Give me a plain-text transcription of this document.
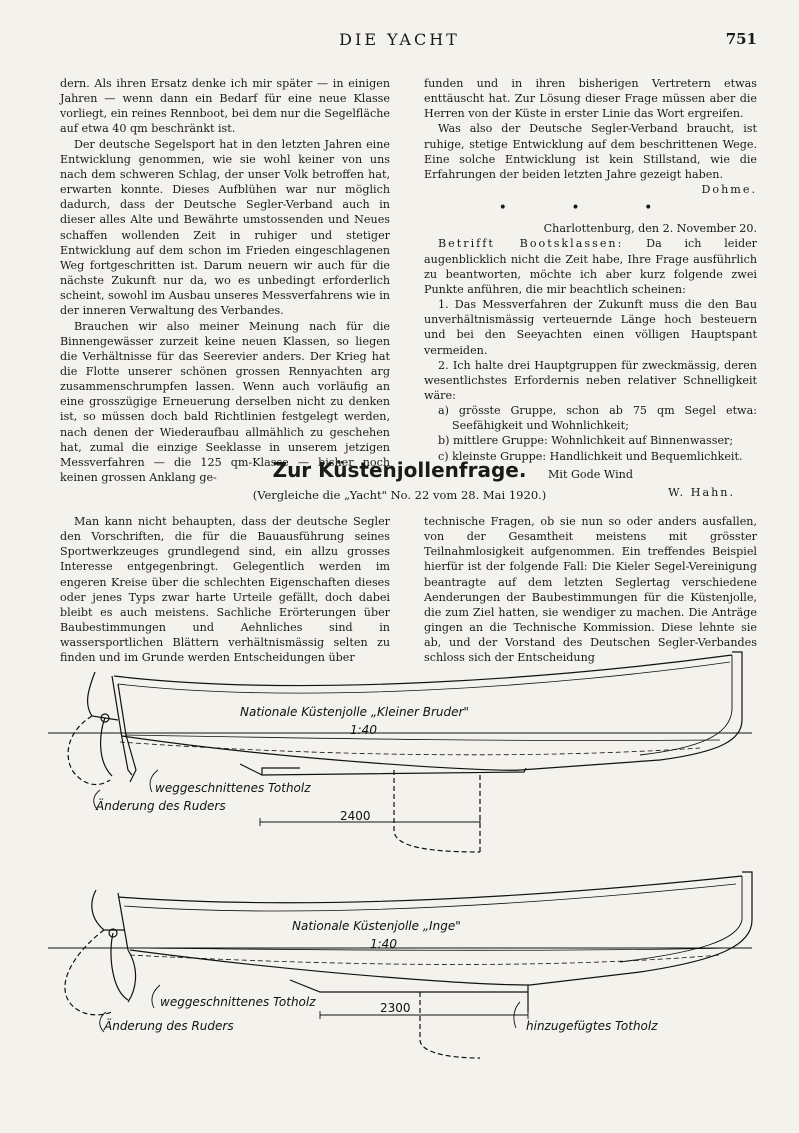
DIE YACHT	751

dern. Als ihren Ersatz denke ich mir später — in einigen Jahren — wenn dann ein Bedarf für eine neue Klasse vorliegt, ein reines Rennboot, bei dem nur die Segelfläche auf etwa 40 qm beschränkt ist.

Der deutsche Segelsport hat in den letzten Jahren eine Entwicklung genommen, wie sie wohl keiner von uns nach dem schweren Schlag, der unser Volk betroffen hat, erwarten konnte. Dieses Aufblühen war nur möglich dadurch, dass der Deutsche Segler-Verband auch in dieser alles Alte und Bewährte umstossenden und Neues schaffen wollenden Zeit in ruhiger und stetiger Entwicklung auf dem schon im Frieden eingeschlagenen Weg fortgeschritten ist. Darum neuern wir auch für die nächste Zukunft nur da, wo es unbedingt erforderlich scheint, sowohl im Ausbau unseres Messverfahrens wie in der inneren Verwaltung des Verbandes.

Brauchen wir also meiner Meinung nach für die Binnengewässer zurzeit keine neuen Klassen, so liegen die Verhältnisse für das Seerevier anders. Der Krieg hat die Flotte unserer schönen grossen Rennyachten arg zusammenschrumpfen lassen. Wenn auch vorläufig an eine grosszügige Erneuerung derselben nicht zu denken ist, so müssen doch bald Richtlinien festgelegt werden, nach denen der Wiederaufbau allmählich zu geschehen hat, zumal die einzige Seeklasse in unserem jetzigen Messverfahren — die 125 qm-Klasse — bisher noch keinen grossen Anklang ge-

funden und in ihren bisherigen Vertretern etwas enttäuscht hat. Zur Lösung dieser Frage müssen aber die Herren von der Küste in erster Linie das Wort ergreifen.

Was also der Deutsche Segler-Verband braucht, ist ruhige, stetige Entwicklung auf dem beschrittenen Wege. Eine solche Entwicklung ist kein Stillstand, wie die Erfahrungen der beiden letzten Jahre gezeigt haben.

Dohme.

• • •

Charlottenburg, den 2. November 20.

Betrifft Bootsklassen: Da ich leider augenblicklich nicht die Zeit habe, Ihre Frage ausführlich zu beantworten, möchte ich aber kurz folgende zwei Punkte anführen, die mir beachtlich scheinen:

1. Das Messverfahren der Zukunft muss die den Bau unverhältnismässig verteuernde Länge hoch besteuern und bei den Seeyachten einen völligen Hauptspant vermeiden.

2. Ich halte drei Hauptgruppen für zweckmässig, deren wesentlichstes Erfordernis neben relativer Schnelligkeit wäre:

a) grösste Gruppe, schon ab 75 qm Segel etwa: Seefähigkeit und Wohnlichkeit;

b) mittlere Gruppe: Wohnlichkeit auf Binnenwasser;

c) kleinste Gruppe: Handlichkeit und Bequemlichkeit.

Mit Gode Wind

W. Hahn.

Zur Küstenjollenfrage.
(Vergleiche die „Yacht" No. 22 vom 28. Mai 1920.)

Man kann nicht behaupten, dass der deutsche Segler den Vorschriften, die für die Bauausführung seines Sportwerkzeuges grundlegend sind, ein allzu grosses Interesse entgegenbringt. Gelegentlich werden im engeren Kreise über die schlechten Eigenschaften dieses oder jenes Typs zwar harte Urteile gefällt, doch dabei bleibt es auch meistens. Sachliche Erörterungen über Baubestimmungen und Aehnliches sind in wassersportlichen Blättern verhältnismässig selten zu finden und im Grunde werden Entscheidungen über

technische Fragen, ob sie nun so oder anders ausfallen, von der Gesamtheit meistens mit grösster Teilnahmlosigkeit aufgenommen. Ein treffendes Beispiel hierfür ist der folgende Fall: Die Kieler Segel-Vereinigung beantragte auf dem letzten Seglertag verschiedene Aenderungen der Baubestimmungen für die Küstenjolle, die zum Ziel hatten, sie wendiger zu machen. Die Anträge gingen an die Technische Kommission. Diese lehnte sie ab, und der Vorstand des Deutschen Segler-Verbandes schloss sich der Entscheidung

Nationale Küstenjolle „Kleiner Bruder"
1:40
weggeschnittenes Totholz
Änderung des Ruders
2400
Nationale Küstenjolle „Inge"
1:40
weggeschnittenes Totholz
Änderung des Ruders
2300
hinzugefügtes Totholz
